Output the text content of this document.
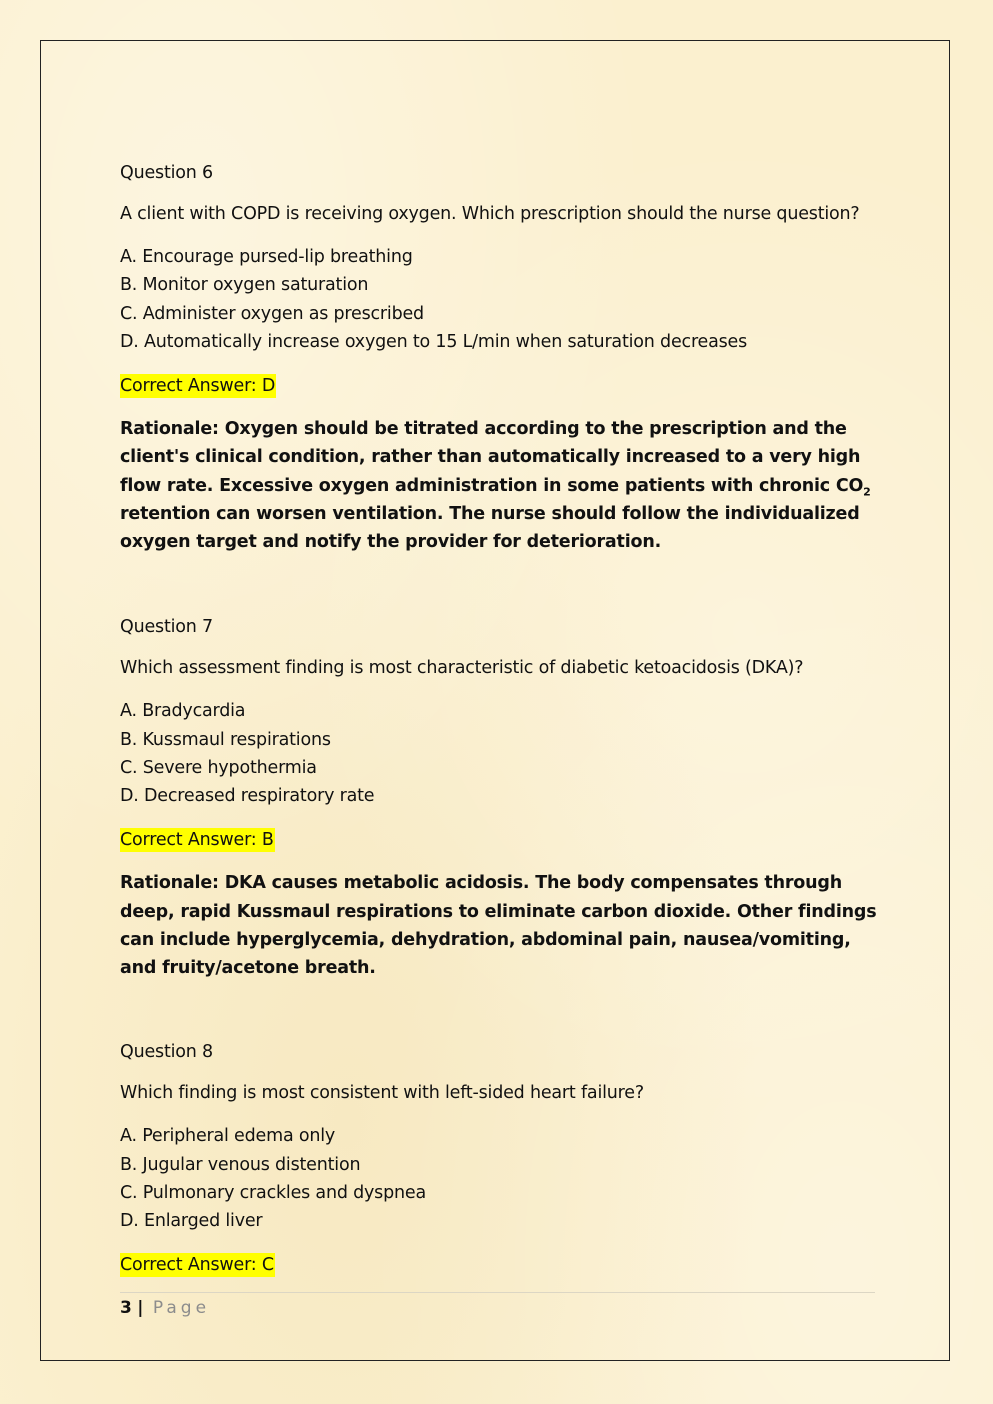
Question 6
A client with COPD is receiving oxygen. Which prescription should the nurse question?
A. Encourage pursed-lip breathing
B. Monitor oxygen saturation
C. Administer oxygen as prescribed
D. Automatically increase oxygen to 15 L/min when saturation decreases
Correct Answer: D

Rationale: Oxygen should be titrated according to the prescription and the client's clinical condition, rather than automatically increased to a very high flow rate. Excessive oxygen administration in some patients with chronic $CO_2$ retention can worsen ventilation. The nurse should follow the individualized oxygen target and notify the provider for deterioration.

Question 7
Which assessment finding is most characteristic of diabetic ketoacidosis (DKA)?
A. Bradycardia
B. Kussmaul respirations
C. Severe hypothermia
D. Decreased respiratory rate
Correct Answer: B

Rationale: DKA causes metabolic acidosis. The body compensates through deep, rapid Kussmaul respirations to eliminate carbon dioxide. Other findings can include hyperglycemia, dehydration, abdominal pain, nausea/vomiting, and fruity/acetone breath.

Question 8
Which finding is most consistent with left-sided heart failure?
A. Peripheral edema only
B. Jugular venous distention
C. Pulmonary crackles and dyspnea
D. Enlarged liver
Correct Answer: C
3 | Page
